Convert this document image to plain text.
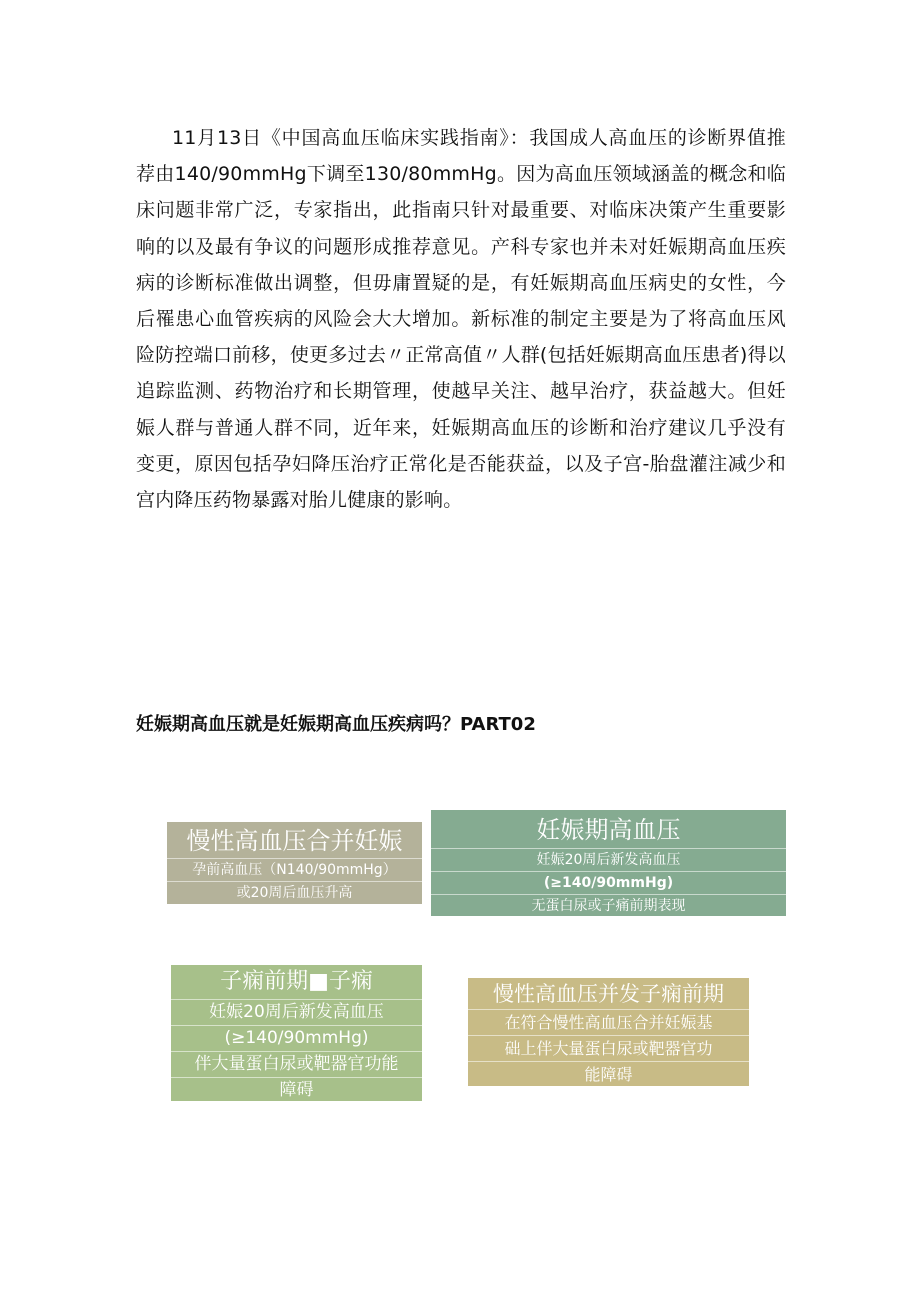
11月13日《中国高血压临床实践指南》：我国成人高血压的诊断界值推荐由140/90mmHg下调至130/80mmHg。因为高血压领域涵盖的概念和临床问题非常广泛，专家指出，此指南只针对最重要、对临床决策产生重要影响的以及最有争议的问题形成推荐意见。产科专家也并未对妊娠期高血压疾病的诊断标准做出调整，但毋庸置疑的是，有妊娠期高血压病史的女性，今后罹患心血管疾病的风险会大大增加。新标准的制定主要是为了将高血压风险防控端口前移，使更多过去〃正常高值〃人群(包括妊娠期高血压患者)得以追踪监测、药物治疗和长期管理，使越早关注、越早治疗，获益越大。但妊娠人群与普通人群不同，近年来，妊娠期高血压的诊断和治疗建议几乎没有变更，原因包括孕妇降压治疗正常化是否能获益，以及子宫-胎盘灌注减少和宫内降压药物暴露对胎儿健康的影响。

妊娠期高血压就是妊娠期高血压疾病吗？PART02

慢性高血压合并妊娠
孕前高血压（N140/90mmHg）
或20周后血压升高
妊娠期高血压
妊娠20周后新发高血压
(≥140/90mmHg)
无蛋白尿或子痛前期表现
子痫前期■子痫
妊娠20周后新发高血压
(≥140/90mmHg)
伴大量蛋白尿或靶器官功能
障碍
慢性高血压并发子痫前期
在符合慢性高血压合并妊娠基
础上伴大量蛋白尿或靶器官功
能障碍
